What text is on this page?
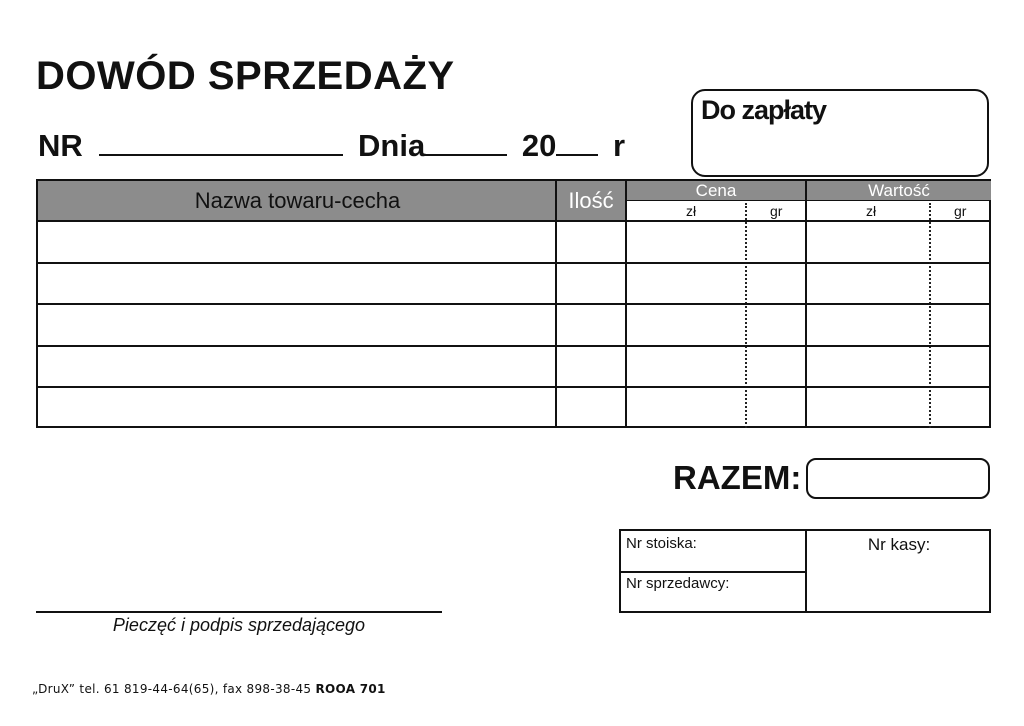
DOWÓD SPRZEDAŻY
NR	Dnia	20 r
Do zapłaty
Nazwa towaru-cecha	Ilość	Cena	Wartość
zł	gr	zł	gr
RAZEM:
Nr stoiska:
Nr sprzedawcy:
Nr kasy:
Pieczęć i podpis sprzedającego
„DruX” tel. 61 819-44-64(65), fax 898-38-45 ROOA 701
